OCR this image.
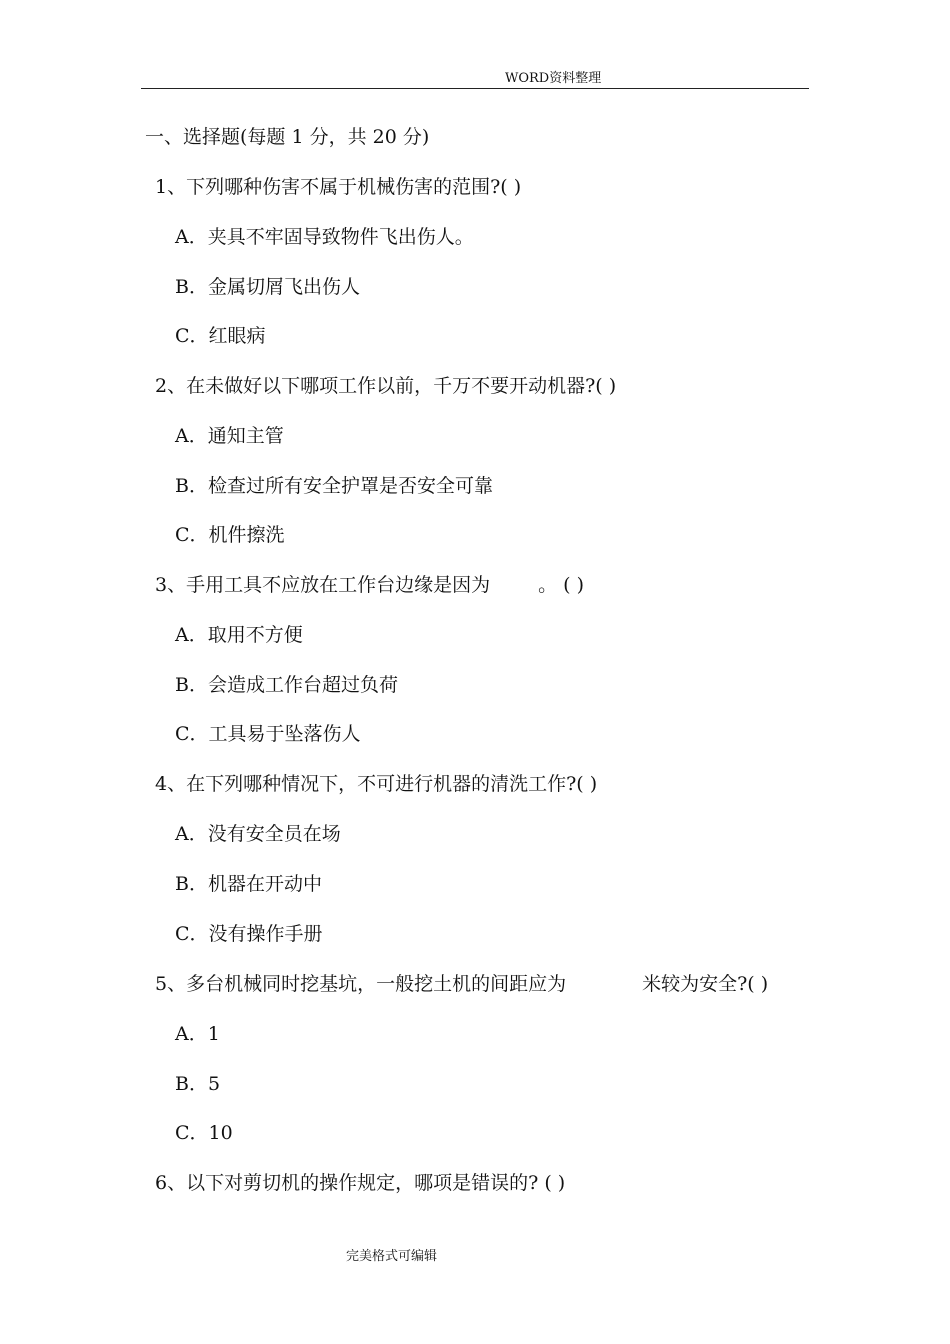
WORD资料整理
一、选择题(每题 1 分，共 20 分)
1、下列哪种伤害不属于机械伤害的范围?( )
A．夹具不牢固导致物件飞出伤人。
B．金属切屑飞出伤人
C．红眼病
2、在未做好以下哪项工作以前，千万不要开动机器?( )
A．通知主管
B．检查过所有安全护罩是否安全可靠
C．机件擦洗
3、手用工具不应放在工作台边缘是因为	。 ( )
A．取用不方便
B．会造成工作台超过负荷
C．工具易于坠落伤人
4、在下列哪种情况下，不可进行机器的清洗工作?( )
A．没有安全员在场
B．机器在开动中
C．没有操作手册
5、多台机械同时挖基坑，一般挖土机的间距应为	米较为安全?( )
A．1
B．5
C．10
6、以下对剪切机的操作规定，哪项是错误的? ( )
完美格式可编辑
